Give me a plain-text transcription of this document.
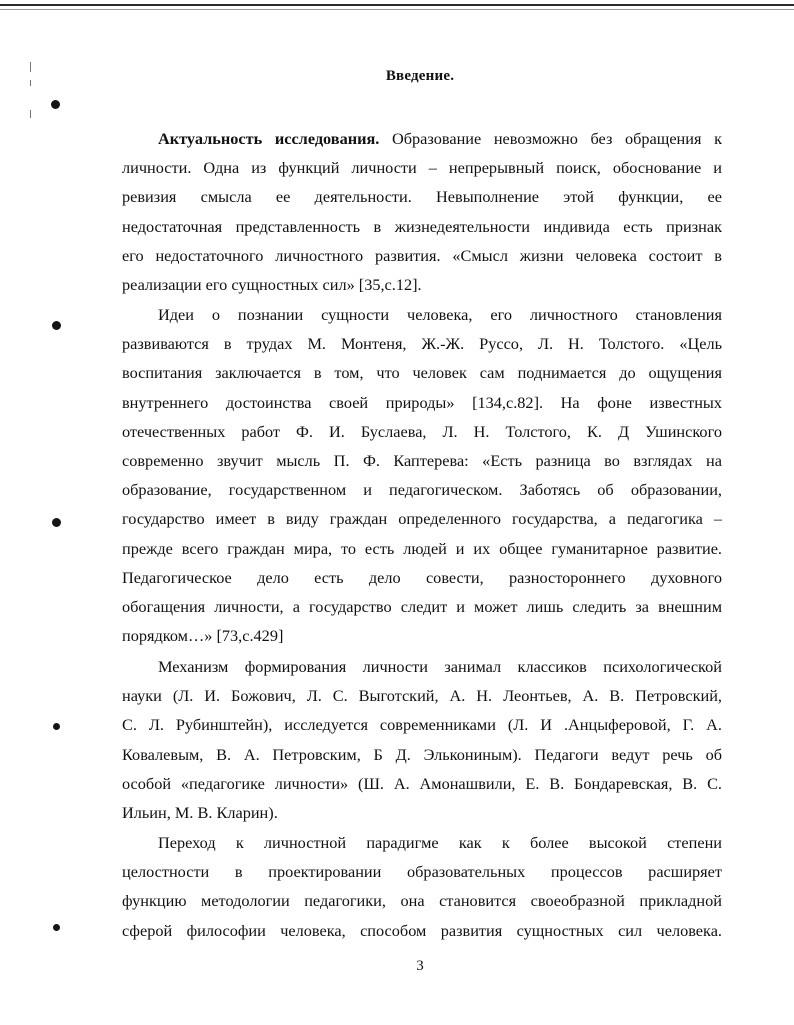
Введение.
Актуальность исследования. Образование невозможно без обращения к
личности. Одна из функций личности – непрерывный поиск, обоснование и
ревизия смысла ее деятельности. Невыполнение этой функции, ее
недостаточная представленность в жизнедеятельности индивида есть признак
его недостаточного личностного развития. «Смысл жизни человека состоит в
реализации его сущностных сил» [35,с.12].
Идеи о познании сущности человека, его личностного становления
развиваются в трудах М. Монтеня, Ж.-Ж. Руссо, Л. Н. Толстого. «Цель
воспитания заключается в том, что человек сам поднимается до ощущения
внутреннего достоинства своей природы» [134,с.82]. На фоне известных
отечественных работ Ф. И. Буслаева, Л. Н. Толстого, К. Д Ушинского
современно звучит мысль П. Ф. Каптерева: «Есть разница во взглядах на
образование, государственном и педагогическом. Заботясь об образовании,
государство имеет в виду граждан определенного государства, а педагогика –
прежде всего граждан мира, то есть людей и их общее гуманитарное развитие.
Педагогическое дело есть дело совести, разностороннего духовного
обогащения личности, а государство следит и может лишь следить за внешним
порядком…» [73,с.429]
Механизм формирования личности занимал классиков психологической
науки (Л. И. Божович, Л. С. Выготский, А. Н. Леонтьев, А. В. Петровский,
С. Л. Рубинштейн), исследуется современниками (Л. И .Анцыферовой, Г. А.
Ковалевым, В. А. Петровским, Б Д. Элькониным). Педагоги ведут речь об
особой «педагогике личности» (Ш. А. Амонашвили, Е. В. Бондаревская, В. С.
Ильин, М. В. Кларин).
Переход к личностной парадигме как к более высокой степени
целостности в проектировании образовательных процессов расширяет
функцию методологии педагогики, она становится своеобразной прикладной
сферой философии человека, способом развития сущностных сил человека.
3
